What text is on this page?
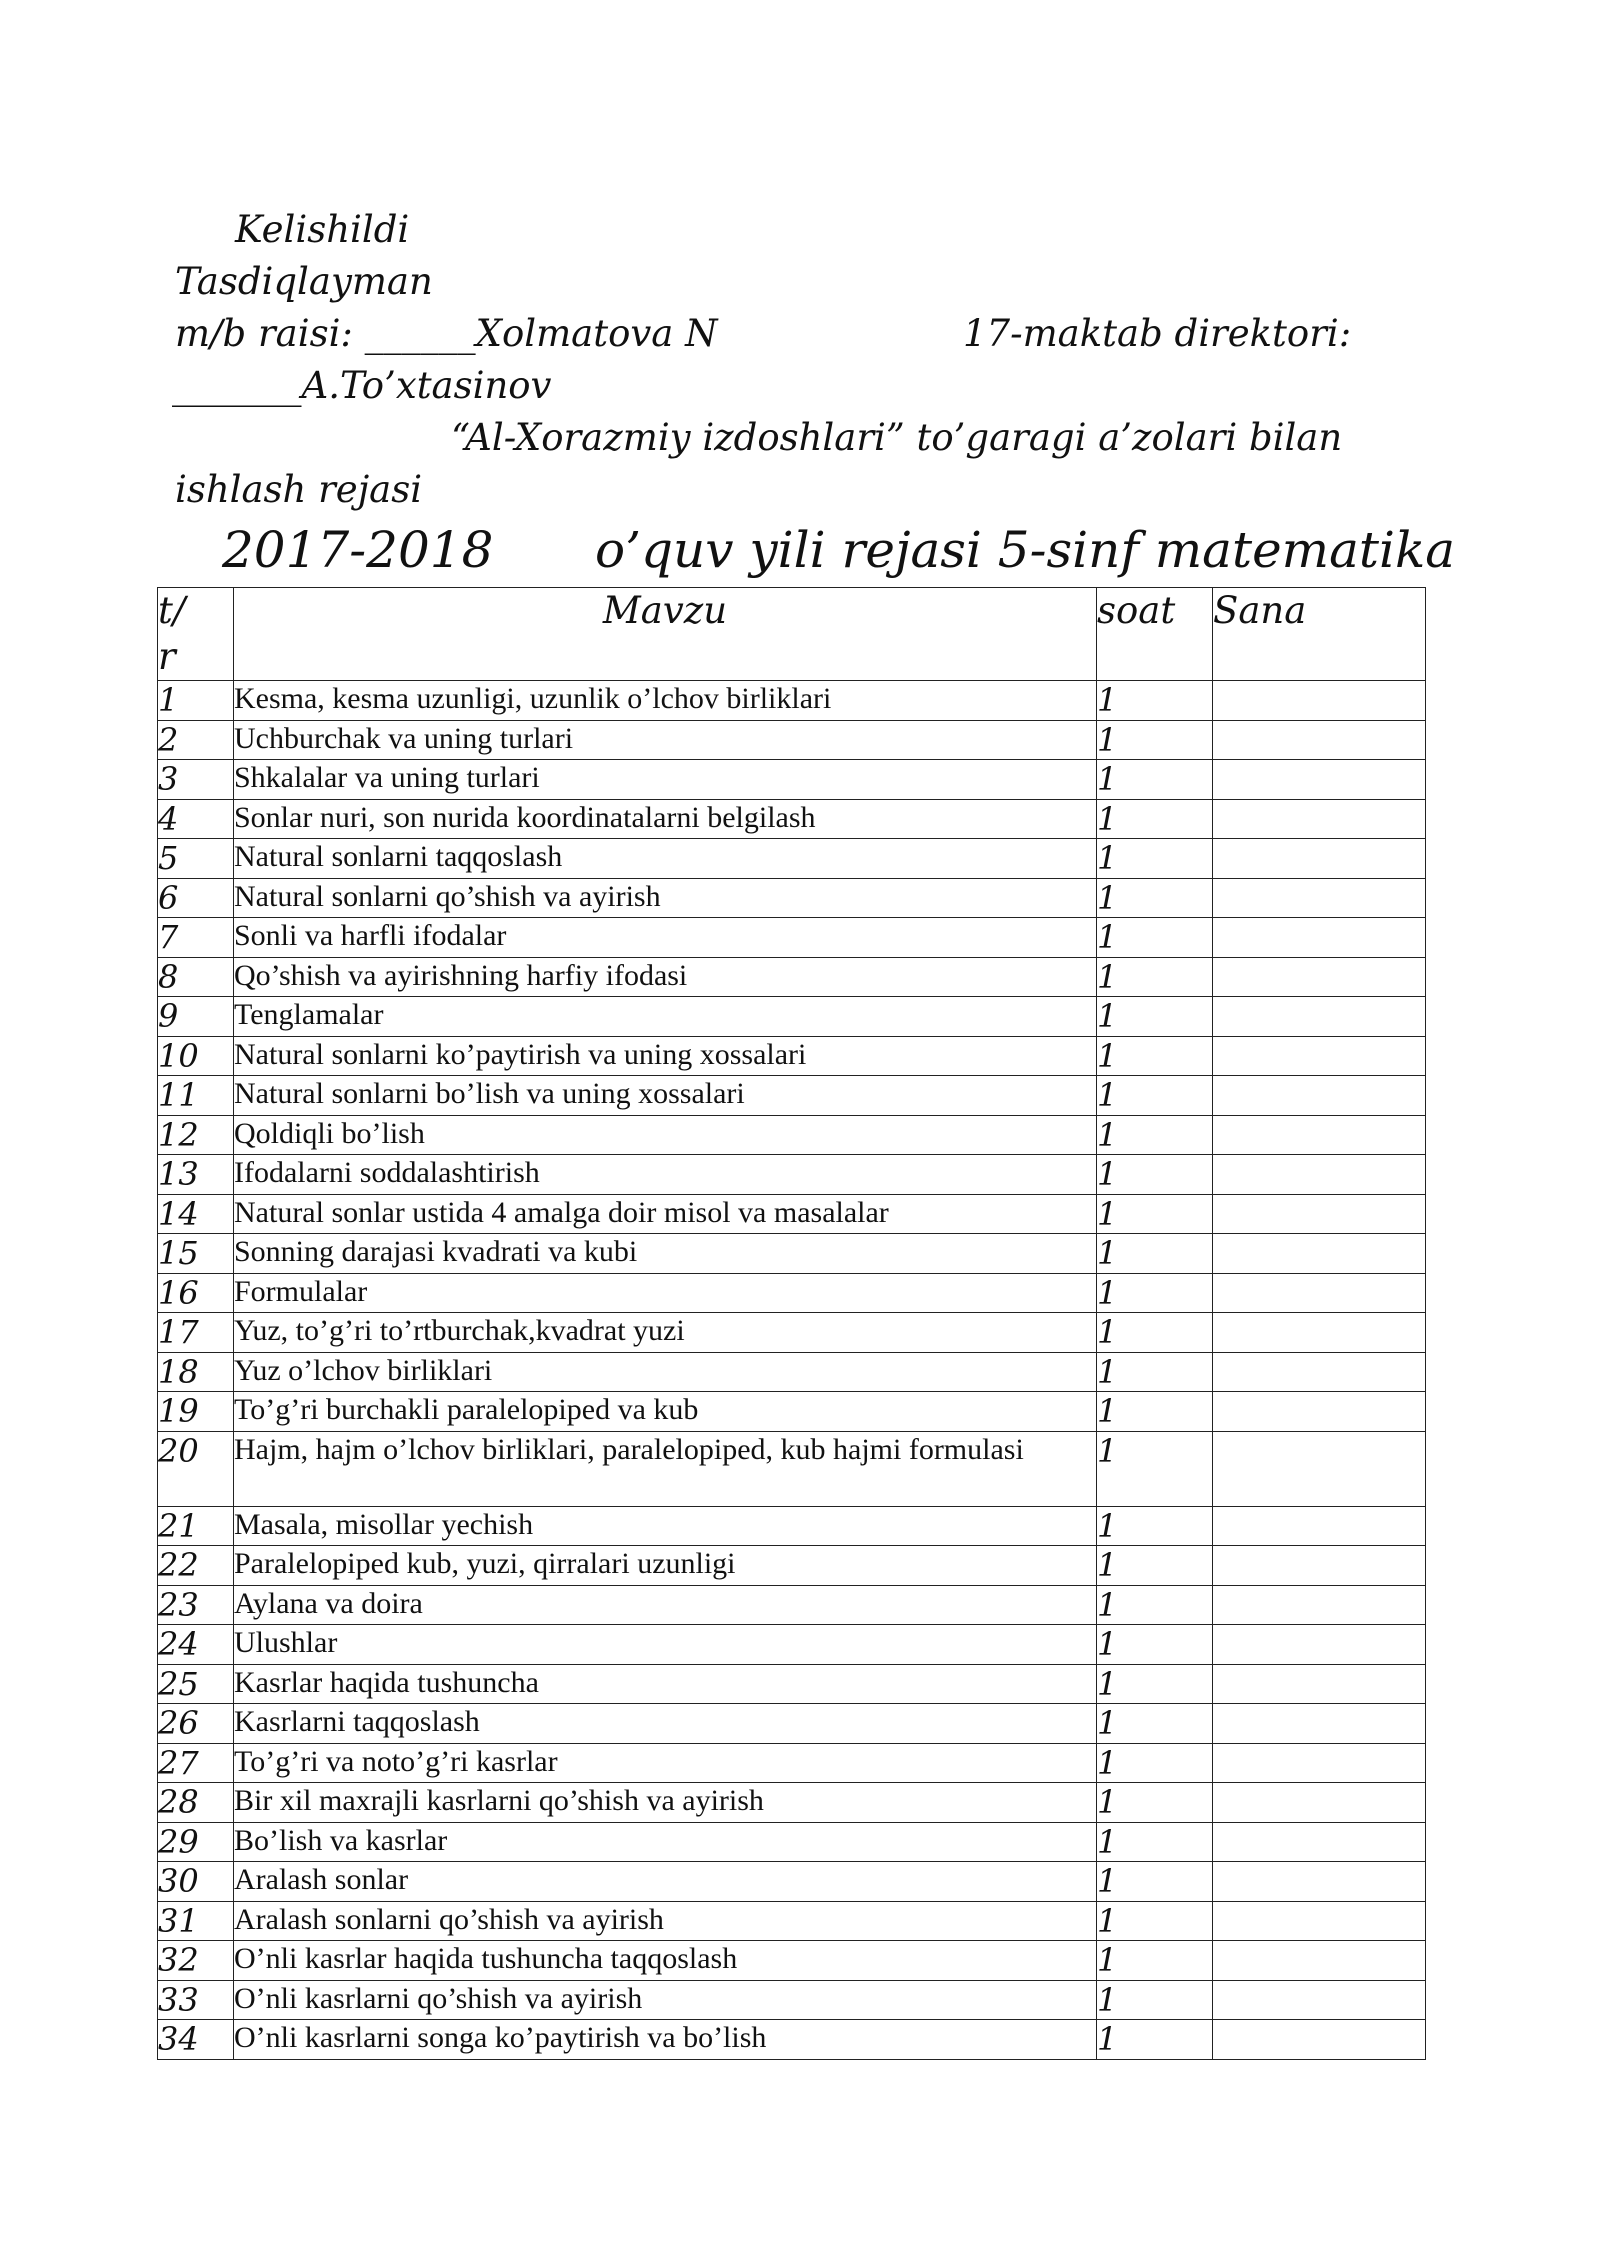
Kelishildi
Tasdiqlayman
m/b raisi: ______Xolmatova N	17-maktab direktori:
_______A.To’xtasinov
“Al-Xorazmiy izdoshlari” to’garagi a’zolari bilan
ishlash rejasi
2017-2018 o’quv yili rejasi 5-sinf matematika
t/
r	Mavzu	soat	Sana
1	Kesma, kesma uzunligi, uzunlik o’lchov birliklari	1	
2	Uchburchak va uning turlari	1	
3	Shkalalar va uning turlari	1	
4	Sonlar nuri, son nurida koordinatalarni belgilash	1	
5	Natural sonlarni taqqoslash	1	
6	Natural sonlarni qo’shish va ayirish	1	
7	Sonli va harfli ifodalar	1	
8	Qo’shish va ayirishning harfiy ifodasi	1	
9	Tenglamalar	1	
10	Natural sonlarni ko’paytirish va uning xossalari	1	
11	Natural sonlarni bo’lish va uning xossalari	1	
12	Qoldiqli bo’lish	1	
13	Ifodalarni soddalashtirish	1	
14	Natural sonlar ustida 4 amalga doir misol va masalalar	1	
15	Sonning darajasi kvadrati va kubi	1	
16	Formulalar	1	
17	Yuz, to’g’ri to’rtburchak,kvadrat yuzi	1	
18	Yuz o’lchov birliklari	1	
19	To’g’ri burchakli paralelopiped va kub	1	
20	Hajm, hajm o’lchov birliklari, paralelopiped, kub hajmi formulasi	1	
21	Masala, misollar yechish	1	
22	Paralelopiped kub, yuzi, qirralari uzunligi	1	
23	Aylana va doira	1	
24	Ulushlar	1	
25	Kasrlar haqida tushuncha	1	
26	Kasrlarni taqqoslash	1	
27	To’g’ri va noto’g’ri kasrlar	1	
28	Bir xil maxrajli kasrlarni qo’shish va ayirish	1	
29	Bo’lish va kasrlar	1	
30	Aralash sonlar	1	
31	Aralash sonlarni qo’shish va ayirish	1	
32	O’nli kasrlar haqida tushuncha taqqoslash	1	
33	O’nli kasrlarni qo’shish va ayirish	1	
34	O’nli kasrlarni songa ko’paytirish va bo’lish	1	
